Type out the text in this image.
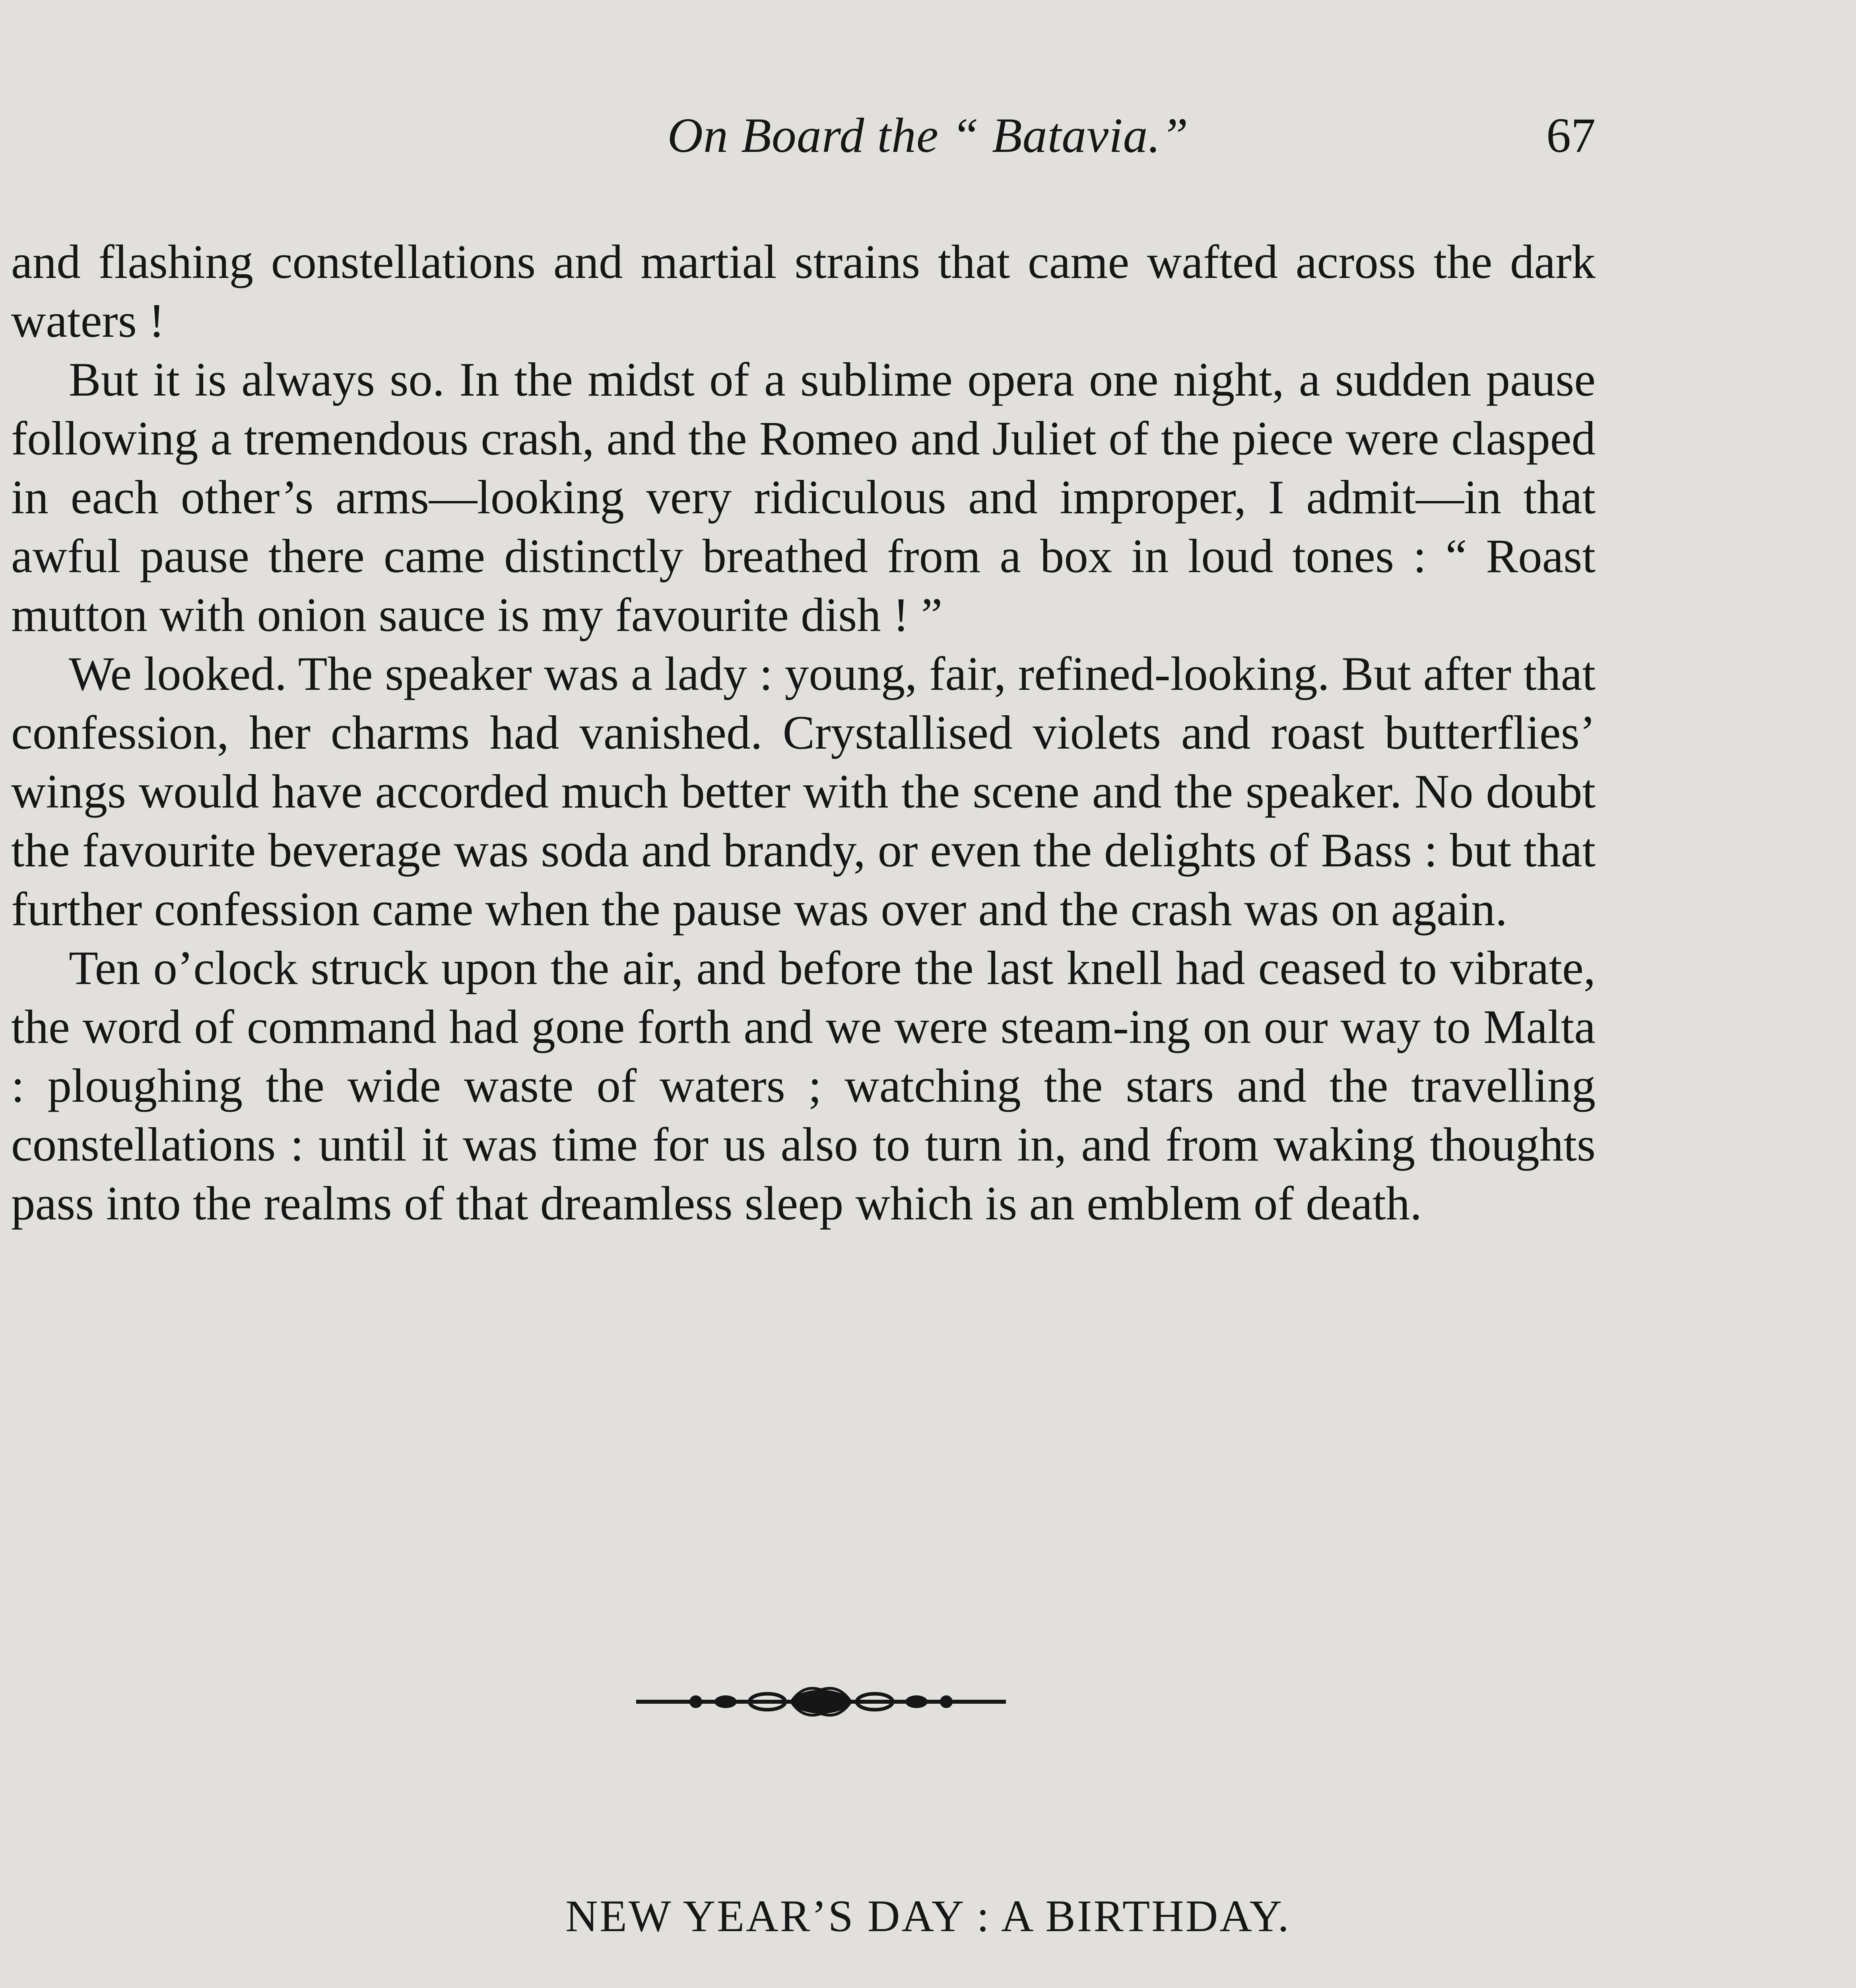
On Board the “ Batavia.”	67

and flashing constellations and martial strains that came wafted across the dark waters !

But it is always so. In the midst of a sublime opera one night, a sudden pause following a tremendous crash, and the Romeo and Juliet of the piece were clasped in each other’s arms—looking very ridiculous and improper, I admit—in that awful pause there came distinctly breathed from a box in loud tones : “ Roast mutton with onion sauce is my favourite dish ! ”

We looked. The speaker was a lady : young, fair, refined-looking. But after that confession, her charms had vanished. Crystallised violets and roast butterflies’ wings would have accorded much better with the scene and the speaker. No doubt the favourite beverage was soda and brandy, or even the delights of Bass : but that further confession came when the pause was over and the crash was on again.

Ten o’clock struck upon the air, and before the last knell had ceased to vibrate, the word of command had gone forth and we were steam-ing on our way to Malta : ploughing the wide waste of waters ; watching the stars and the travelling constellations : until it was time for us also to turn in, and from waking thoughts pass into the realms of that dreamless sleep which is an emblem of death.

NEW YEAR’S DAY : A BIRTHDAY.
